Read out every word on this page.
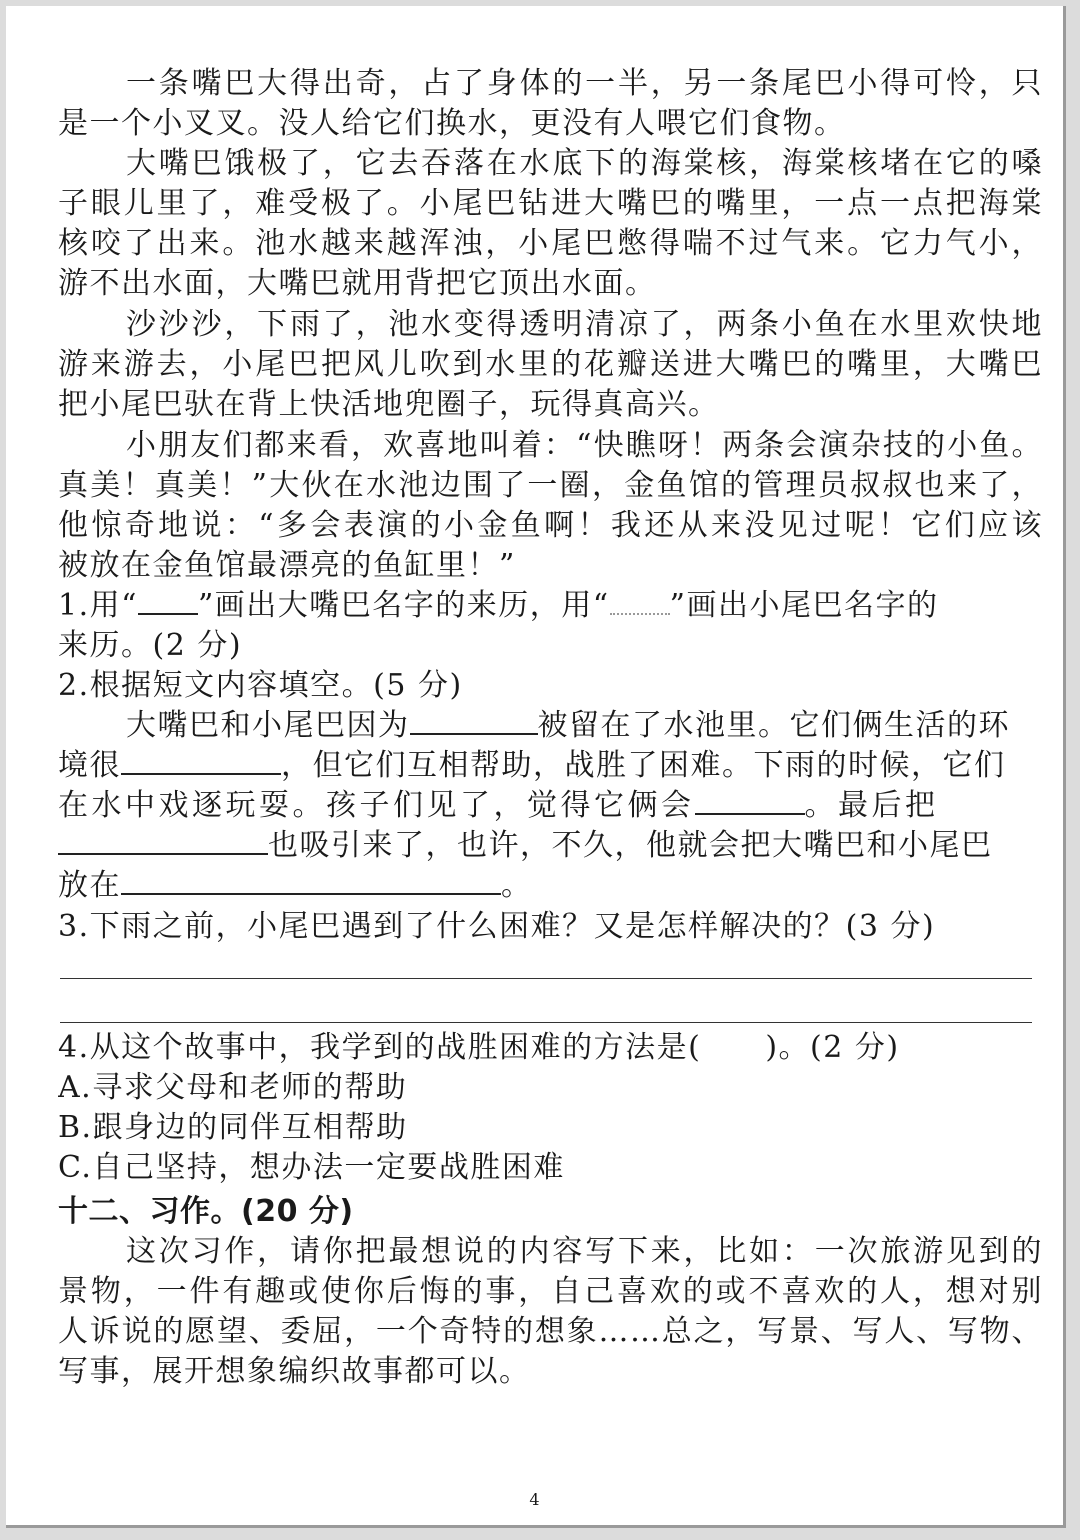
一条嘴巴大得出奇，占了身体的一半，另一条尾巴小得可怜，只
是一个小叉叉。没人给它们换水，更没有人喂它们食物。
大嘴巴饿极了，它去吞落在水底下的海棠核，海棠核堵在它的嗓
子眼儿里了，难受极了。小尾巴钻进大嘴巴的嘴里，一点一点把海棠
核咬了出来。池水越来越浑浊，小尾巴憋得喘不过气来。它力气小，
游不出水面，大嘴巴就用背把它顶出水面。
沙沙沙，下雨了，池水变得透明清凉了，两条小鱼在水里欢快地
游来游去，小尾巴把风儿吹到水里的花瓣送进大嘴巴的嘴里，大嘴巴
把小尾巴驮在背上快活地兜圈子，玩得真高兴。
小朋友们都来看，欢喜地叫着：“快瞧呀！两条会演杂技的小鱼。
真美！真美！”大伙在水池边围了一圈，金鱼馆的管理员叔叔也来了，
他惊奇地说：“多会表演的小金鱼啊！我还从来没见过呢！它们应该
被放在金鱼馆最漂亮的鱼缸里！”
1.用“ ”画出大嘴巴名字的来历，用“ ”画出小尾巴名字的
来历。(2 分)
2.根据短文内容填空。(5 分)
大嘴巴和小尾巴因为	被留在了水池里。它们俩生活的环
境很	，但它们互相帮助，战胜了困难。下雨的时候，它们
在水中戏逐玩耍。孩子们见了，觉得它俩会	。最后把
也吸引来了，也许，不久，他就会把大嘴巴和小尾巴
放在	。
3.下雨之前，小尾巴遇到了什么困难？又是怎样解决的？(3 分)
4.从这个故事中，我学到的战胜困难的方法是( )。(2 分)
A.寻求父母和老师的帮助
B.跟身边的同伴互相帮助
C.自己坚持，想办法一定要战胜困难
十二、习作。(20 分)
这次习作，请你把最想说的内容写下来，比如：一次旅游见到的
景物，一件有趣或使你后悔的事，自己喜欢的或不喜欢的人，想对别
人诉说的愿望、委屈，一个奇特的想象……总之，写景、写人、写物、
写事，展开想象编织故事都可以。
4
